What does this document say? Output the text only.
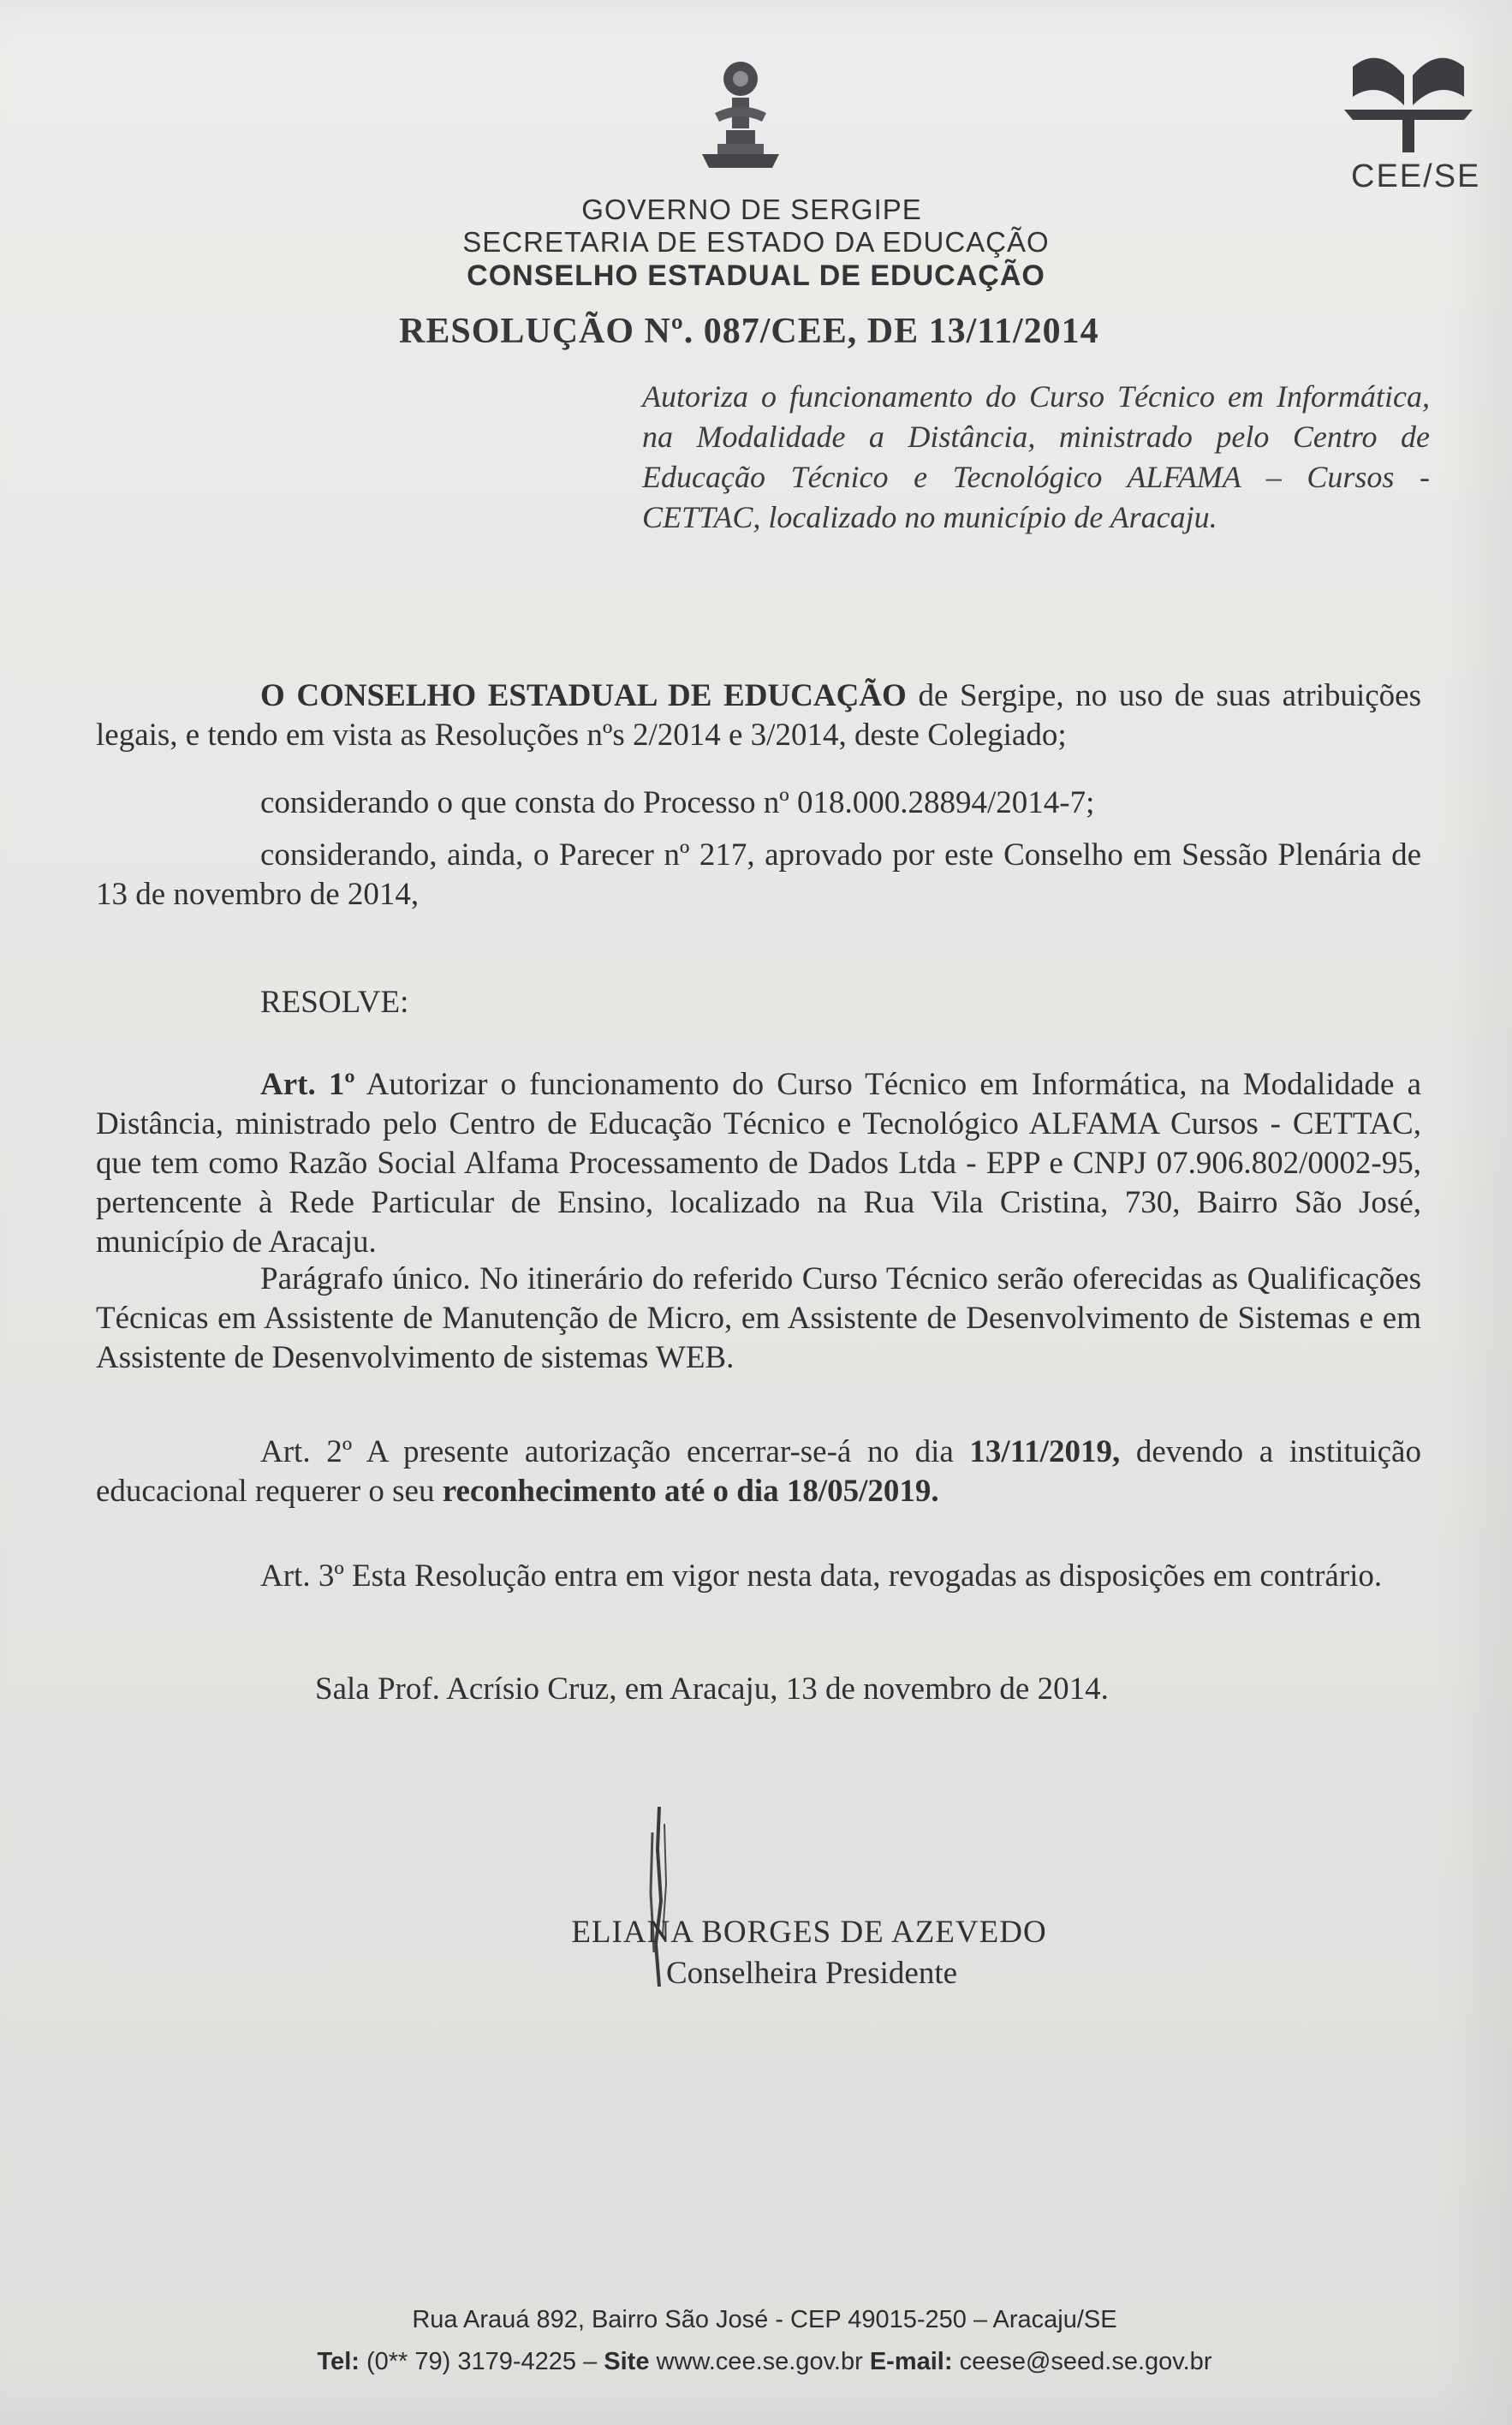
CEE/SE
GOVERNO DE SERGIPE
SECRETARIA DE ESTADO DA EDUCAÇÃO
CONSELHO ESTADUAL DE EDUCAÇÃO
RESOLUÇÃO Nº. 087/CEE, DE 13/11/2014
Autoriza o funcionamento do Curso Técnico em Informática, na Modalidade a Distância, ministrado pelo Centro de Educação Técnico e Tecnológico ALFAMA – Cursos - CETTAC, localizado no município de Aracaju.
O CONSELHO ESTADUAL DE EDUCAÇÃO de Sergipe, no uso de suas atribuições legais, e tendo em vista as Resoluções nºs 2/2014 e 3/2014, deste Colegiado;
considerando o que consta do Processo nº 018.000.28894/2014-7;
considerando, ainda, o Parecer nº 217, aprovado por este Conselho em Sessão Plenária de 13 de novembro de 2014,
RESOLVE:
Art. 1º Autorizar o funcionamento do Curso Técnico em Informática, na Modalidade a Distância, ministrado pelo Centro de Educação Técnico e Tecnológico ALFAMA Cursos - CETTAC, que tem como Razão Social Alfama Processamento de Dados Ltda - EPP e CNPJ 07.906.802/0002-95, pertencente à Rede Particular de Ensino, localizado na Rua Vila Cristina, 730, Bairro São José, município de Aracaju.
Parágrafo único. No itinerário do referido Curso Técnico serão oferecidas as Qualificações Técnicas em Assistente de Manutenção de Micro, em Assistente de Desenvolvimento de Sistemas e em Assistente de Desenvolvimento de sistemas WEB.
Art. 2º A presente autorização encerrar-se-á no dia 13/11/2019, devendo a instituição educacional requerer o seu reconhecimento até o dia 18/05/2019.
Art. 3º Esta Resolução entra em vigor nesta data, revogadas as disposições em contrário.
Sala Prof. Acrísio Cruz, em Aracaju, 13 de novembro de 2014.
ELIANA BORGES DE AZEVEDO
Conselheira Presidente
Rua Arauá 892, Bairro São José - CEP 49015-250 – Aracaju/SE
Tel: (0** 79) 3179-4225 – Site www.cee.se.gov.br E-mail: ceese@seed.se.gov.br
